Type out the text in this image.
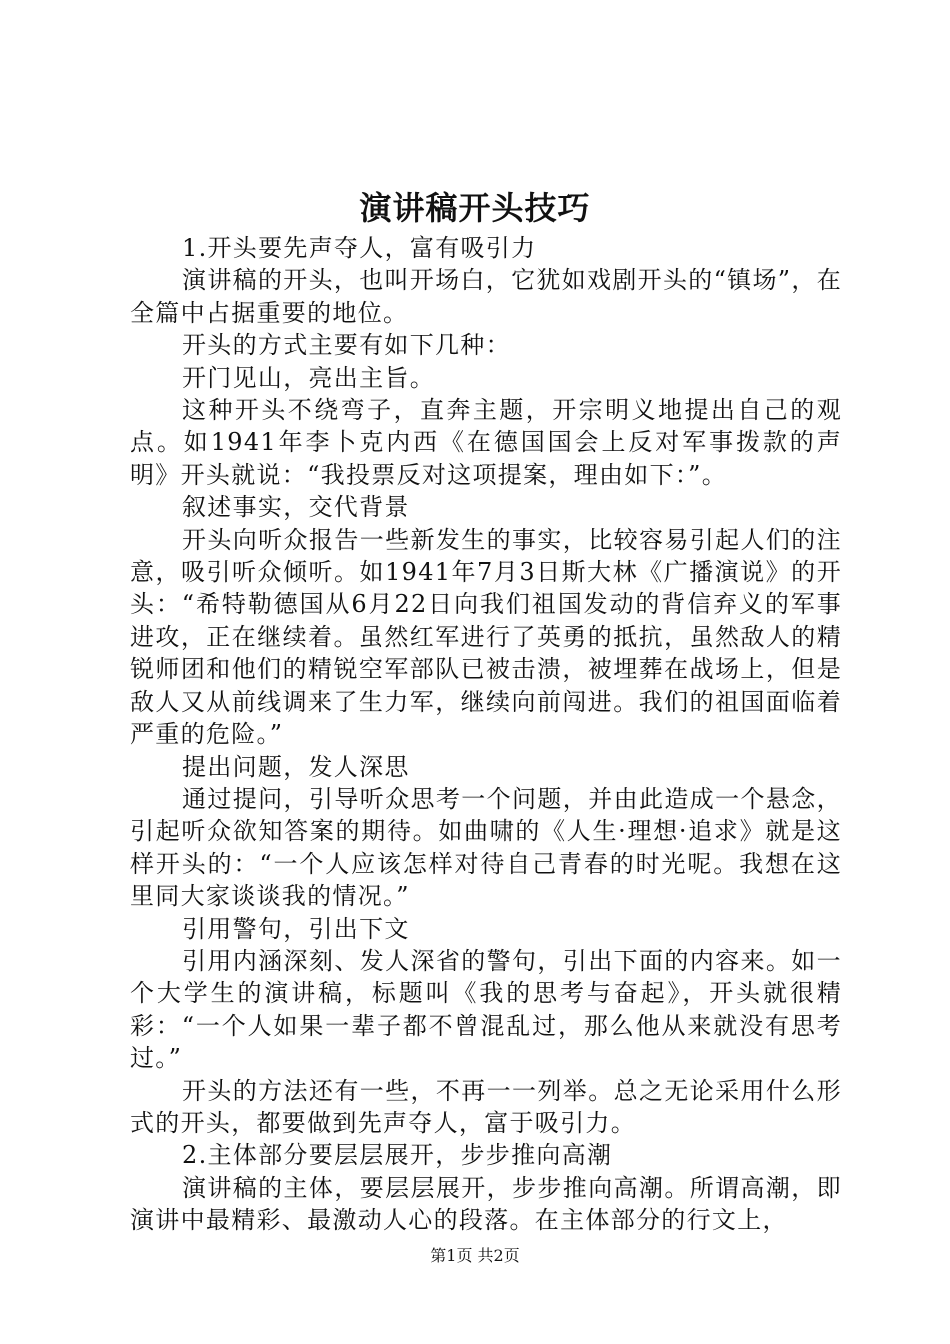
演讲稿开头技巧

1.开头要先声夺人，富有吸引力

演讲稿的开头，也叫开场白，它犹如戏剧开头的“镇场”，在全篇中占据重要的地位。

开头的方式主要有如下几种：

开门见山，亮出主旨。

这种开头不绕弯子，直奔主题，开宗明义地提出自己的观点。如1941年李卜克内西《在德国国会上反对军事拨款的声明》开头就说：“我投票反对这项提案，理由如下：”。

叙述事实，交代背景

开头向听众报告一些新发生的事实，比较容易引起人们的注意，吸引听众倾听。如1941年7月3日斯大林《广播演说》的开头：“希特勒德国从6月22日向我们祖国发动的背信弃义的军事进攻，正在继续着。虽然红军进行了英勇的抵抗，虽然敌人的精锐师团和他们的精锐空军部队已被击溃，被埋葬在战场上，但是敌人又从前线调来了生力军，继续向前闯进。我们的祖国面临着严重的危险。”

提出问题，发人深思

通过提问，引导听众思考一个问题，并由此造成一个悬念，引起听众欲知答案的期待。如曲啸的《人生·理想·追求》就是这样开头的：“一个人应该怎样对待自己青春的时光呢。我想在这里同大家谈谈我的情况。”

引用警句，引出下文

引用内涵深刻、发人深省的警句，引出下面的内容来。如一个大学生的演讲稿，标题叫《我的思考与奋起》，开头就很精彩：“一个人如果一辈子都不曾混乱过，那么他从来就没有思考过。”

开头的方法还有一些，不再一一列举。总之无论采用什么形式的开头，都要做到先声夺人，富于吸引力。

2.主体部分要层层展开，步步推向高潮

演讲稿的主体，要层层展开，步步推向高潮。所谓高潮，即演讲中最精彩、最激动人心的段落。在主体部分的行文上，

第1页 共2页
